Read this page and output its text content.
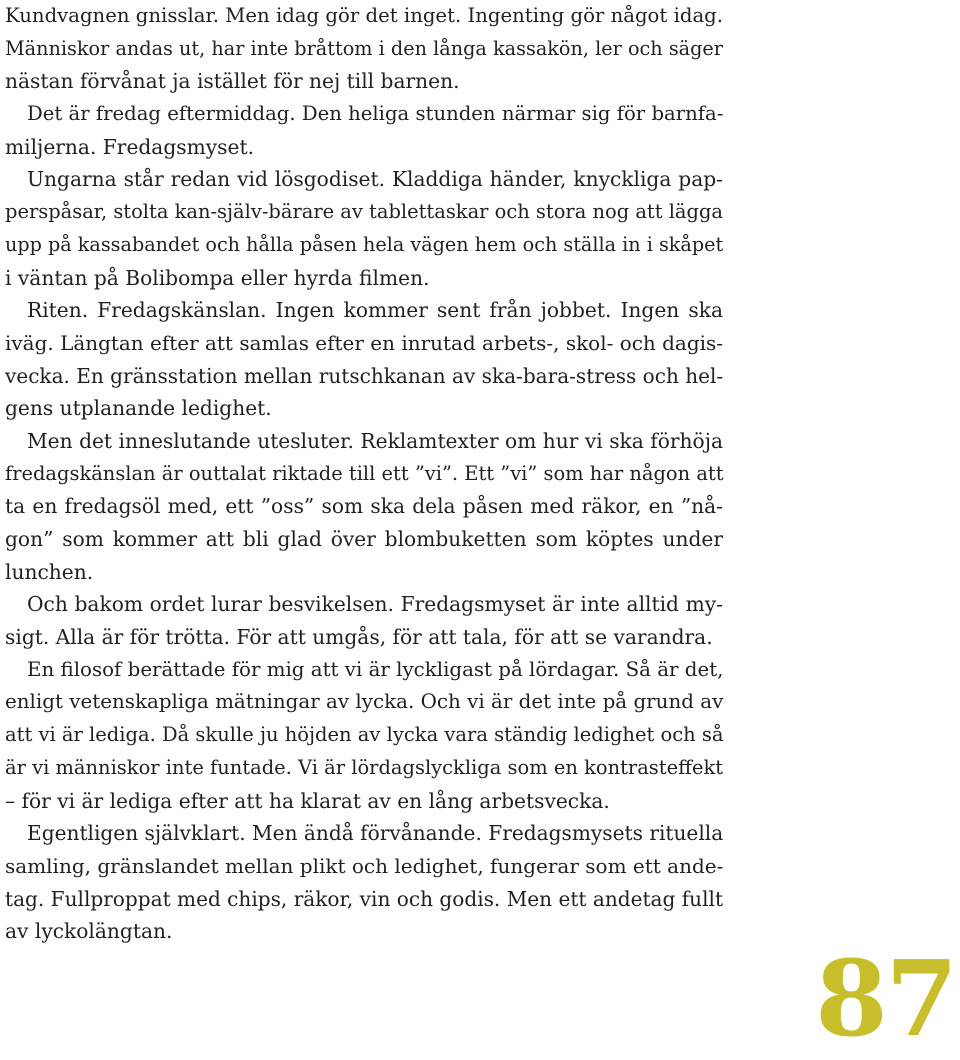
Kundvagnen gnisslar. Men idag gör det inget. Ingenting gör något idag.
Människor andas ut, har inte bråttom i den långa kassakön, ler och säger
nästan förvånat ja istället för nej till barnen.
Det är fredag eftermiddag. Den heliga stunden närmar sig för barnfa-
miljerna. Fredagsmyset.
Ungarna står redan vid lösgodiset. Kladdiga händer, knyckliga pap-
perspåsar, stolta kan-själv-bärare av tablettaskar och stora nog att lägga
upp på kassabandet och hålla påsen hela vägen hem och ställa in i skåpet
i väntan på Bolibompa eller hyrda filmen.
Riten. Fredagskänslan. Ingen kommer sent från jobbet. Ingen ska
iväg. Längtan efter att samlas efter en inrutad arbets-, skol- och dagis-
vecka. En gränsstation mellan rutschkanan av ska-bara-stress och hel-
gens utplanande ledighet.
Men det inneslutande utesluter. Reklamtexter om hur vi ska förhöja
fredagskänslan är outtalat riktade till ett ”vi”. Ett ”vi” som har någon att
ta en fredagsöl med, ett ”oss” som ska dela påsen med räkor, en ”nå-
gon” som kommer att bli glad över blombuketten som köptes under
lunchen.
Och bakom ordet lurar besvikelsen. Fredagsmyset är inte alltid my-
sigt. Alla är för trötta. För att umgås, för att tala, för att se varandra.
En filosof berättade för mig att vi är lyckligast på lördagar. Så är det,
enligt vetenskapliga mätningar av lycka. Och vi är det inte på grund av
att vi är lediga. Då skulle ju höjden av lycka vara ständig ledighet och så
är vi människor inte funtade. Vi är lördagslyckliga som en kontrasteffekt
– för vi är lediga efter att ha klarat av en lång arbetsvecka.
Egentligen självklart. Men ändå förvånande. Fredagsmysets rituella
samling, gränslandet mellan plikt och ledighet, fungerar som ett ande-
tag. Fullproppat med chips, räkor, vin och godis. Men ett andetag fullt
av lyckolängtan.
87
